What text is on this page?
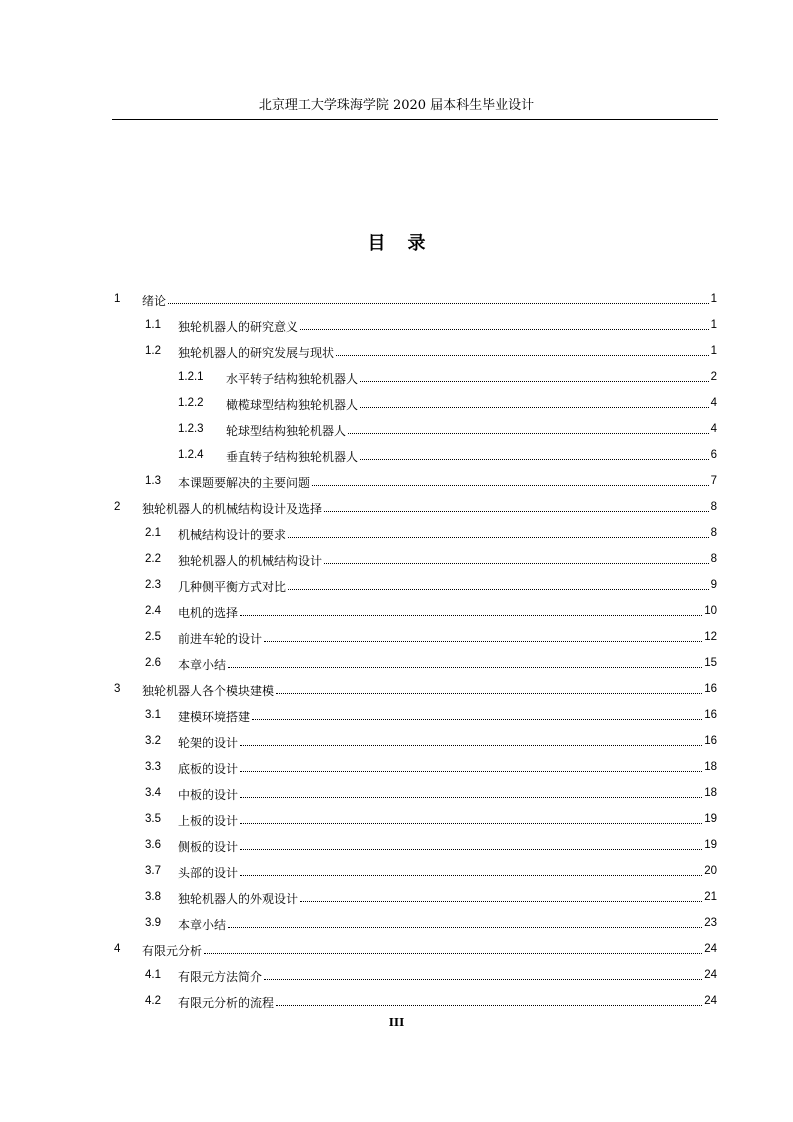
北京理工大学珠海学院 2020 届本科生毕业设计
目 录
1 绪论	1
1.1 独轮机器人的研究意义	1
1.2 独轮机器人的研究发展与现状	1
1.2.1 水平转子结构独轮机器人	2
1.2.2 橄榄球型结构独轮机器人	4
1.2.3 轮球型结构独轮机器人	4
1.2.4 垂直转子结构独轮机器人	6
1.3 本课题要解决的主要问题	7
2 独轮机器人的机械结构设计及选择	8
2.1 机械结构设计的要求	8
2.2 独轮机器人的机械结构设计	8
2.3 几种侧平衡方式对比	9
2.4 电机的选择	10
2.5 前进车轮的设计	12
2.6 本章小结	15
3 独轮机器人各个模块建模	16
3.1 建模环境搭建	16
3.2 轮架的设计	16
3.3 底板的设计	18
3.4 中板的设计	18
3.5 上板的设计	19
3.6 侧板的设计	19
3.7 头部的设计	20
3.8 独轮机器人的外观设计	21
3.9 本章小结	23
4 有限元分析	24
4.1 有限元方法简介	24
4.2 有限元分析的流程	24
III
